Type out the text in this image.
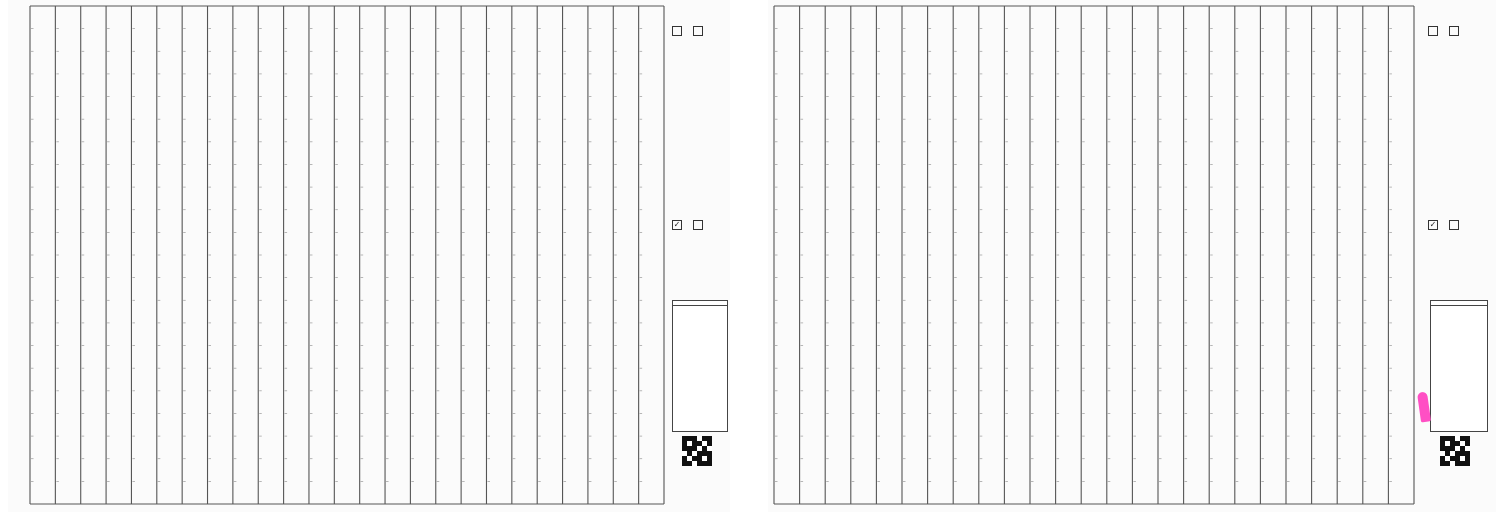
✓	✓
